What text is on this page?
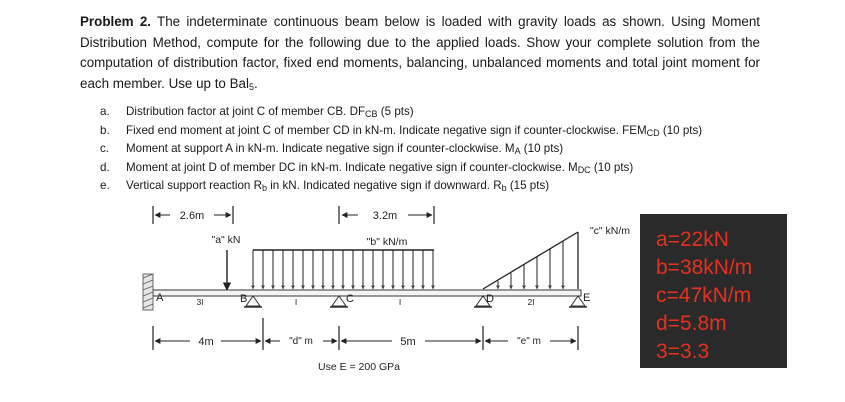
Problem 2. The indeterminate continuous beam below is loaded with gravity loads as shown. Using Moment Distribution Method, compute for the following due to the applied loads. Show your complete solution from the computation of distribution factor, fixed end moments, balancing, unbalanced moments and total joint moment for each member. Use up to Bal$_5$.
a.	Distribution factor at joint C of member CB. $DF_{CB}$ (5 pts)
b.	Fixed end moment at joint C of member CD in kN-m. Indicate negative sign if counter-clockwise. $FEM_{CD}$ (10 pts)
c.	Moment at support A in kN-m. Indicate negative sign if counter-clockwise. $M_A$ (10 pts)
d.	Moment at joint D of member DC in kN-m. Indicate negative sign if counter-clockwise. $M_{DC}$ (10 pts)
e.	Vertical support reaction $R_b$ in kN. Indicated negative sign if downward. $R_b$ (15 pts)
2.6m	3.2m
"a" kN	"b" kN/m
"c" kN/m
A	B	C	D	E
3I	I	I	2I
4m	"d" m	5m	"e" m
Use E = 200 GPa
a=22kN
b=38kN/m
c=47kN/m
d=5.8m
3=3.3
